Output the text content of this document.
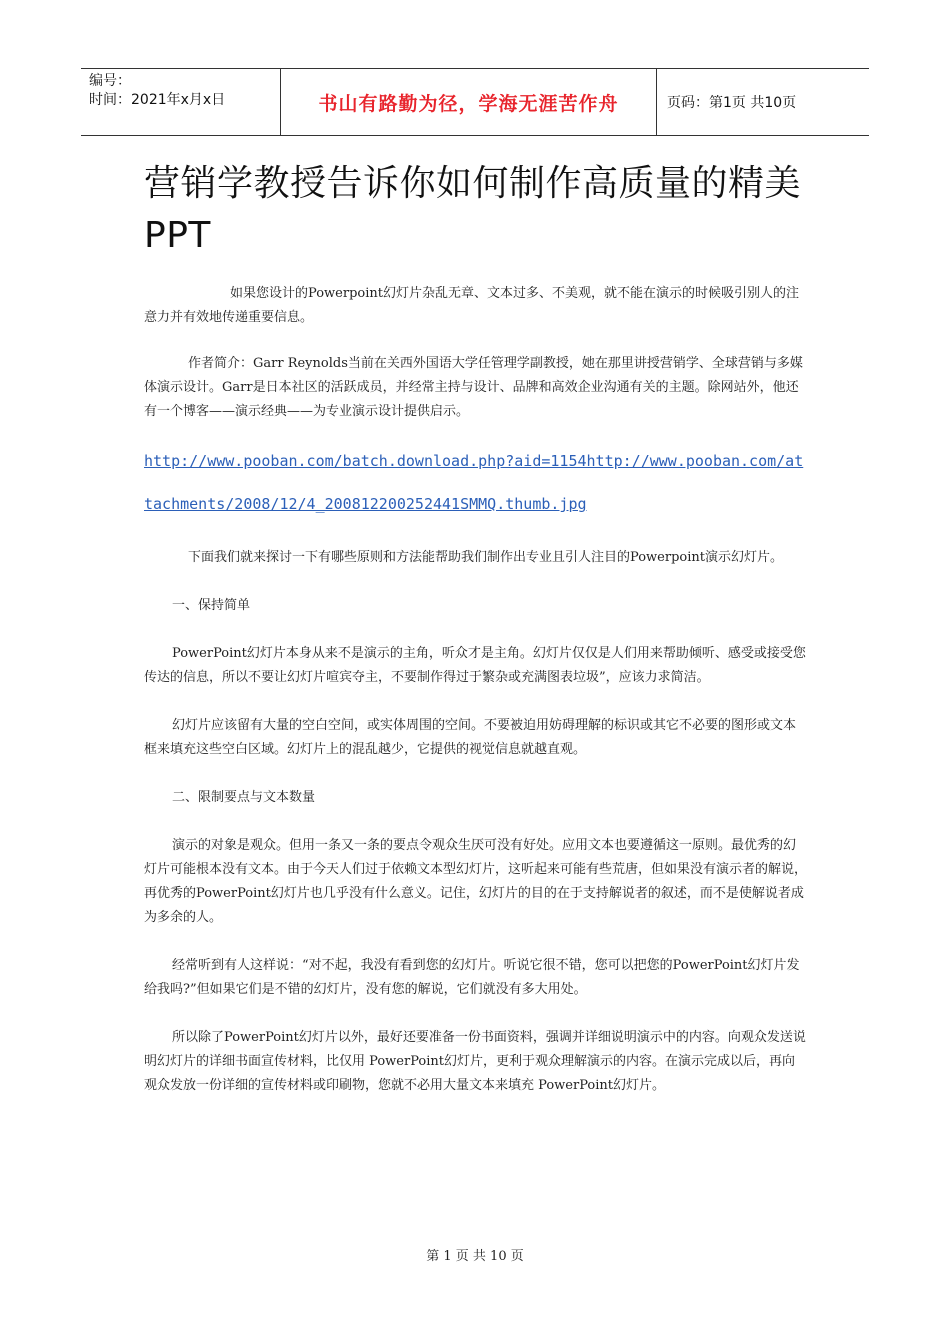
编号：
时间：2021年x月x日	书山有路勤为径，学海无涯苦作舟	页码：第1页 共10页
营销学教授告诉你如何制作高质量的精美PPT

如果您设计的Powerpoint幻灯片杂乱无章、文本过多、不美观，就不能在演示的时候吸引别人的注意力并有效地传递重要信息。

作者简介：Garr Reynolds当前在关西外国语大学任管理学副教授，她在那里讲授营销学、全球营销与多媒体演示设计。Garr是日本社区的活跃成员，并经常主持与设计、品牌和高效企业沟通有关的主题。除网站外，他还有一个博客——演示经典——为专业演示设计提供启示。

http://www.pooban.com/batch.download.php?aid=1154http://www.pooban.com/attachments/2008/12/4_200812200252441SMMQ.thumb.jpg

下面我们就来探讨一下有哪些原则和方法能帮助我们制作出专业且引人注目的Powerpoint演示幻灯片。

一、保持简单

PowerPoint幻灯片本身从来不是演示的主角，听众才是主角。幻灯片仅仅是人们用来帮助倾听、感受或接受您传达的信息，所以不要让幻灯片喧宾夺主，不要制作得过于繁杂或充满图表垃圾”，应该力求简洁。

幻灯片应该留有大量的空白空间，或实体周围的空间。不要被迫用妨碍理解的标识或其它不必要的图形或文本框来填充这些空白区域。幻灯片上的混乱越少，它提供的视觉信息就越直观。

二、限制要点与文本数量

演示的对象是观众。但用一条又一条的要点令观众生厌可没有好处。应用文本也要遵循这一原则。最优秀的幻灯片可能根本没有文本。由于今天人们过于依赖文本型幻灯片，这听起来可能有些荒唐，但如果没有演示者的解说，再优秀的PowerPoint幻灯片也几乎没有什么意义。记住，幻灯片的目的在于支持解说者的叙述，而不是使解说者成为多余的人。

经常听到有人这样说：“对不起，我没有看到您的幻灯片。听说它很不错，您可以把您的PowerPoint幻灯片发给我吗?”但如果它们是不错的幻灯片，没有您的解说，它们就没有多大用处。

所以除了PowerPoint幻灯片以外，最好还要准备一份书面资料，强调并详细说明演示中的内容。向观众发送说明幻灯片的详细书面宣传材料，比仅用 PowerPoint幻灯片，更利于观众理解演示的内容。在演示完成以后，再向观众发放一份详细的宣传材料或印刷物，您就不必用大量文本来填充 PowerPoint幻灯片。

第 1 页 共 10 页
